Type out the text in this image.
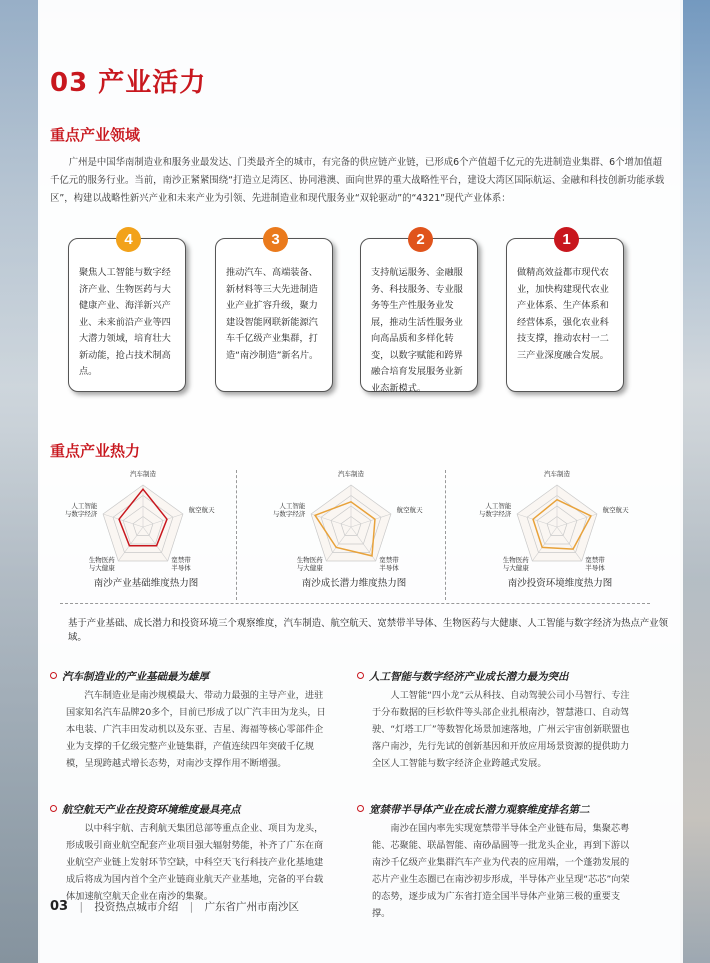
03 产业活力
重点产业领域

广州是中国华南制造业和服务业最发达、门类最齐全的城市，有完备的供应链产业链，已形成6个产值超千亿元的先进制造业集群、6个增加值超千亿元的服务行业。当前，南沙正紧紧围绕“打造立足湾区、协同港澳、面向世界的重大战略性平台，建设大湾区国际航运、金融和科技创新功能承载区”，构建以战略性新兴产业和未来产业为引领、先进制造业和现代服务业“双轮驱动”的“4321”现代产业体系：

4
聚焦人工智能与数字经济产业、生物医药与大健康产业、海洋新兴产业、未来前沿产业等四大潜力领域，培育壮大新动能，抢占技术制高点。
3
推动汽车、高端装备、新材料等三大先进制造业产业扩容升级，聚力建设智能网联新能源汽车千亿级产业集群，打造“南沙制造”新名片。
2
支持航运服务、金融服务、科技服务、专业服务等生产性服务业发展，推动生活性服务业向高品质和多样化转变，以数字赋能和跨界融合培育发展服务业新业态新模式。
1
做精高效益都市现代农业，加快构建现代农业产业体系、生产体系和经营体系，强化农业科技支撑，推动农村一二三产业深度融合发展。
重点产业热力
汽车制造
航空航天
宽禁带半导体
生物医药与大健康
人工智能与数字经济
南沙产业基础维度热力图
汽车制造
航空航天
宽禁带半导体
生物医药与大健康
人工智能与数字经济
南沙成长潜力维度热力图
汽车制造
航空航天
宽禁带半导体
生物医药与大健康
人工智能与数字经济
南沙投资环境维度热力图

基于产业基础、成长潜力和投资环境三个观察维度，汽车制造、航空航天、宽禁带半导体、生物医药与大健康、人工智能与数字经济为热点产业领域。

汽车制造业的产业基础最为雄厚

汽车制造业是南沙规模最大、带动力最强的主导产业，进驻国家知名汽车品牌20多个，目前已形成了以广汽丰田为龙头，日本电装、广汽丰田发动机以及东亚、吉星、海福等核心零部件企业为支撑的千亿级完整产业链集群，产值连续四年突破千亿规模，呈现跨越式增长态势，对南沙支撑作用不断增强。

人工智能与数字经济产业成长潜力最为突出

人工智能“四小龙”云从科技、自动驾驶公司小马智行、专注于分布数据的巨杉软件等头部企业扎根南沙，智慧港口、自动驾驶、“灯塔工厂”等数智化场景加速落地，广州云宇宙创新联盟也落户南沙，先行先试的创新基因和开放应用场景资源的提供助力全区人工智能与数字经济企业跨越式发展。

航空航天产业在投资环境维度最具亮点

以中科宇航、吉利航天集团总部等重点企业、项目为龙头，形成吸引商业航空配套产业项目强大辐射势能，补齐了广东在商业航空产业链上发射环节空缺，中科空天飞行科技产业化基地建成后将成为国内首个全产业链商业航天产业基地，完备的平台载体加速航空航天企业在南沙的集聚。

宽禁带半导体产业在成长潜力观察维度排名第二

南沙在国内率先实现宽禁带半导体全产业链布局，集聚芯粤能、芯聚能、联晶智能、南砂晶圆等一批龙头企业，再到下游以南沙千亿级产业集群汽车产业为代表的应用端，一个蓬勃发展的芯片产业生态圈已在南沙初步形成，半导体产业呈现“芯芯”向荣的态势，逐步成为广东省打造全国半导体产业第三极的重要支撑。

03 | 投资热点城市介绍 | 广东省广州市南沙区
